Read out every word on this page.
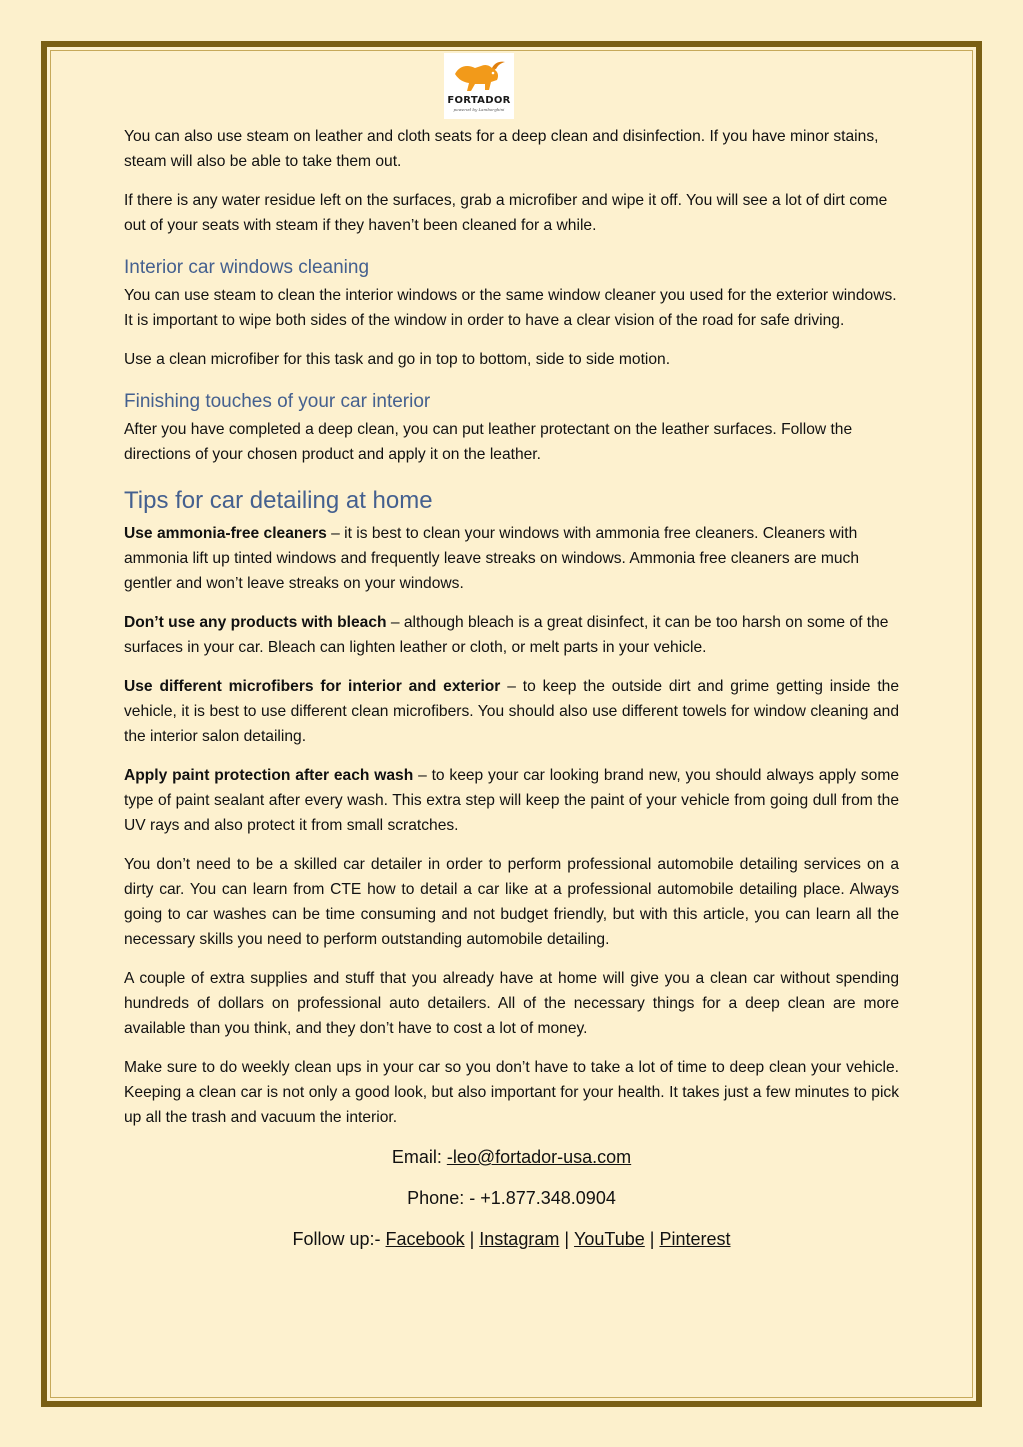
FORTADOR
powered by Lamborghini

You can also use steam on leather and cloth seats for a deep clean and disinfection. If you have minor stains, steam will also be able to take them out.

If there is any water residue left on the surfaces, grab a microfiber and wipe it off. You will see a lot of dirt come out of your seats with steam if they haven’t been cleaned for a while.

Interior car windows cleaning

You can use steam to clean the interior windows or the same window cleaner you used for the exterior windows. It is important to wipe both sides of the window in order to have a clear vision of the road for safe driving.

Use a clean microfiber for this task and go in top to bottom, side to side motion.

Finishing touches of your car interior

After you have completed a deep clean, you can put leather protectant on the leather surfaces. Follow the directions of your chosen product and apply it on the leather.

Tips for car detailing at home

Use ammonia-free cleaners – it is best to clean your windows with ammonia free cleaners. Cleaners with ammonia lift up tinted windows and frequently leave streaks on windows. Ammonia free cleaners are much gentler and won’t leave streaks on your windows.

Don’t use any products with bleach – although bleach is a great disinfect, it can be too harsh on some of the surfaces in your car. Bleach can lighten leather or cloth, or melt parts in your vehicle.

Use different microfibers for interior and exterior – to keep the outside dirt and grime getting inside the vehicle, it is best to use different clean microfibers. You should also use different towels for window cleaning and the interior salon detailing.

Apply paint protection after each wash – to keep your car looking brand new, you should always apply some type of paint sealant after every wash. This extra step will keep the paint of your vehicle from going dull from the UV rays and also protect it from small scratches.

You don’t need to be a skilled car detailer in order to perform professional automobile detailing services on a dirty car. You can learn from CTE how to detail a car like at a professional automobile detailing place. Always going to car washes can be time consuming and not budget friendly, but with this article, you can learn all the necessary skills you need to perform outstanding automobile detailing.

A couple of extra supplies and stuff that you already have at home will give you a clean car without spending hundreds of dollars on professional auto detailers. All of the necessary things for a deep clean are more available than you think, and they don’t have to cost a lot of money.

Make sure to do weekly clean ups in your car so you don’t have to take a lot of time to deep clean your vehicle. Keeping a clean car is not only a good look, but also important for your health. It takes just a few minutes to pick up all the trash and vacuum the interior.

Email: -leo@fortador-usa.com
Phone: - +1.877.348.0904
Follow up:- Facebook | Instagram | YouTube | Pinterest
